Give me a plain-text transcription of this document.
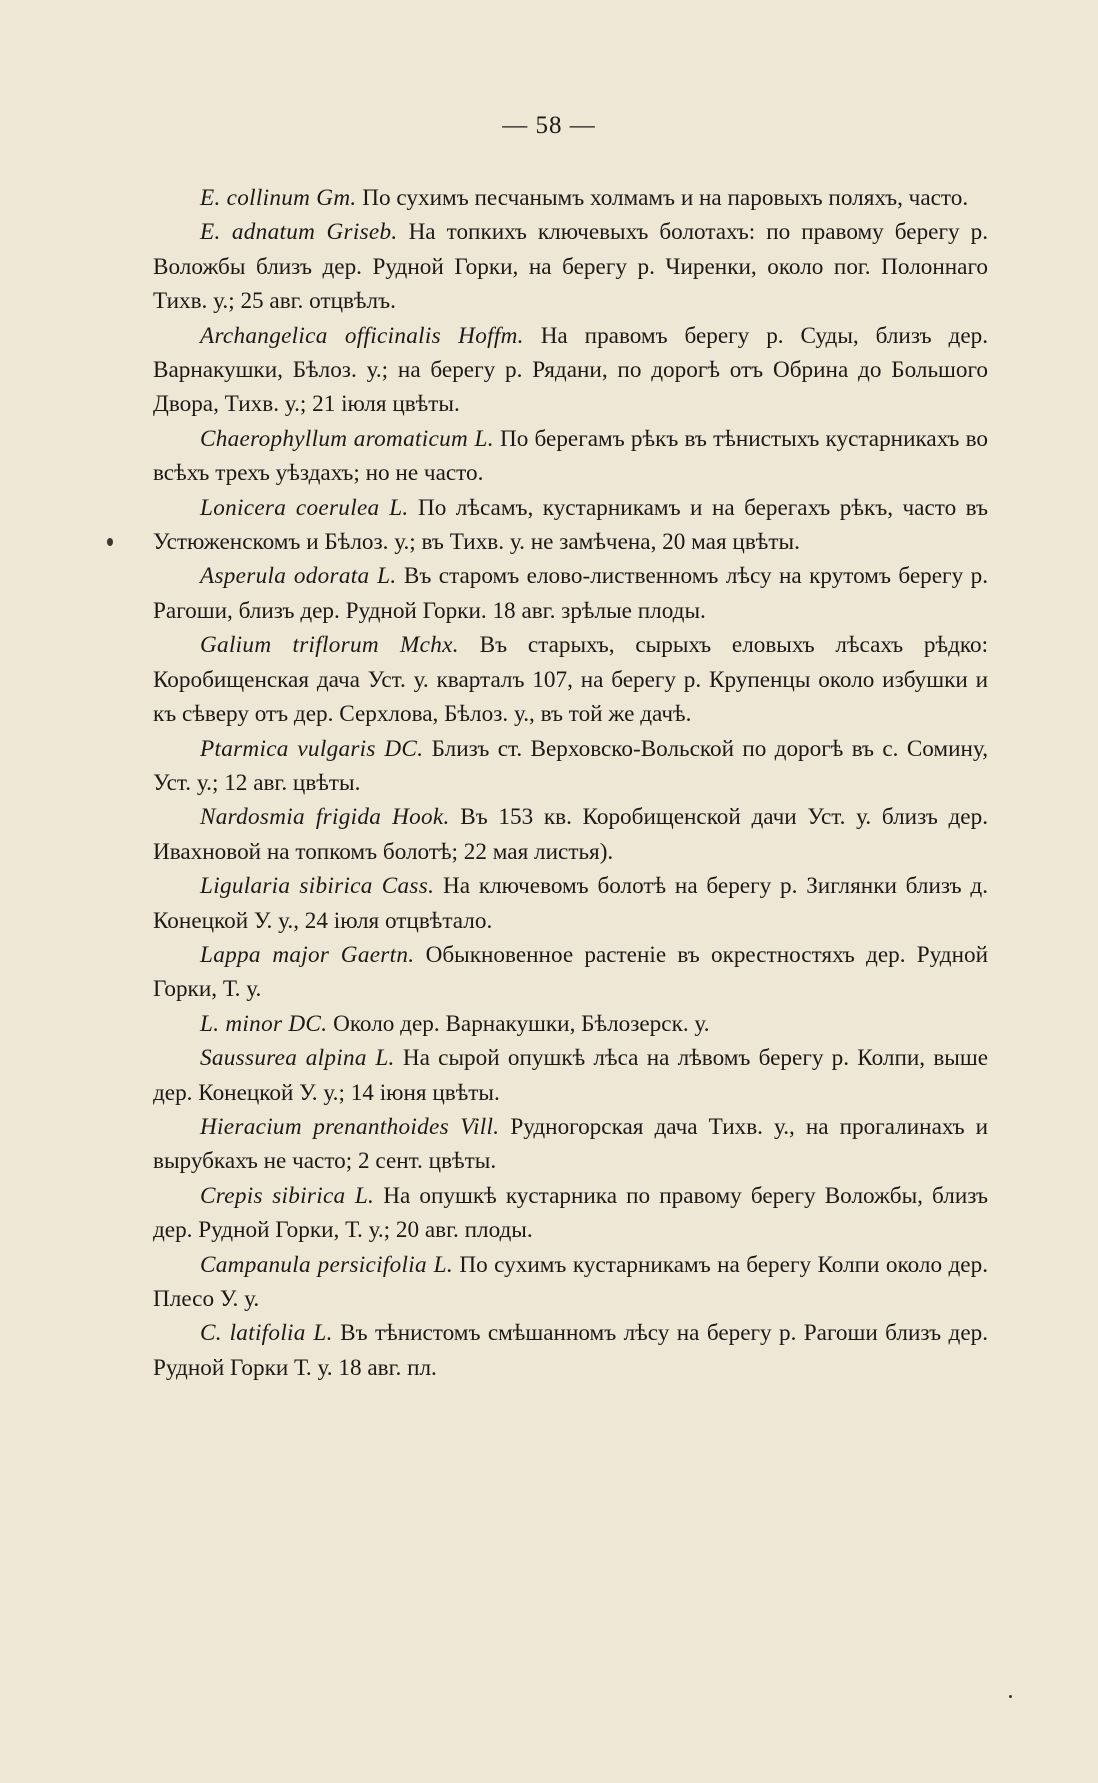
— 58 —

E. collinum Gm. По сухимъ песчанымъ холмамъ и на паровыхъ поляхъ, часто.

E. adnatum Griseb. На топкихъ ключевыхъ болотахъ: по правому берегу р. Воложбы близъ дер. Рудной Горки, на берегу р. Чиренки, около пог. Полоннаго Тихв. у.; 25 авг. отцвѣлъ.

Archangelica officinalis Hoffm. На правомъ берегу р. Суды, близъ дер. Варнакушки, Бѣлоз. у.; на берегу р. Рядани, по дорогѣ отъ Обрина до Большого Двора, Тихв. у.; 21 іюля цвѣты.

Chaerophyllum aromaticum L. По берегамъ рѣкъ въ тѣнистыхъ кустарникахъ во всѣхъ трехъ уѣздахъ; но не часто.

Lonicera coerulea L. По лѣсамъ, кустарникамъ и на берегахъ рѣкъ, часто въ Устюженскомъ и Бѣлоз. у.; въ Тихв. у. не замѣчена, 20 мая цвѣты.

Asperula odorata L. Въ старомъ елово-лиственномъ лѣсу на крутомъ берегу р. Рагоши, близъ дер. Рудной Горки. 18 авг. зрѣлые плоды.

Galium triflorum Mchx. Въ старыхъ, сырыхъ еловыхъ лѣсахъ рѣдко: Коробищенская дача Уст. у. кварталъ 107, на берегу р. Крупенцы около избушки и къ сѣверу отъ дер. Серхлова, Бѣлоз. у., въ той же дачѣ.

Ptarmica vulgaris DC. Близъ ст. Верховско-Вольской по дорогѣ въ с. Сомину, Уст. у.; 12 авг. цвѣты.

Nardosmia frigida Hook. Въ 153 кв. Коробищенской дачи Уст. у. близъ дер. Ивахновой на топкомъ болотѣ; 22 мая листья).

Ligularia sibirica Cass. На ключевомъ болотѣ на берегу р. Зиглянки близъ д. Конецкой У. у., 24 іюля отцвѣтало.

Lappa major Gaertn. Обыкновенное растеніе въ окрестностяхъ дер. Рудной Горки, Т. у.

L. minor DC. Около дер. Варнакушки, Бѣлозерск. у.

Saussurea alpina L. На сырой опушкѣ лѣса на лѣвомъ берегу р. Колпи, выше дер. Конецкой У. у.; 14 іюня цвѣты.

Hieracium prenanthoides Vill. Рудногорская дача Тихв. у., на прогалинахъ и вырубкахъ не часто; 2 сент. цвѣты.

Crepis sibirica L. На опушкѣ кустарника по правому берегу Воложбы, близъ дер. Рудной Горки, Т. у.; 20 авг. плоды.

Campanula persicifolia L. По сухимъ кустарникамъ на берегу Колпи около дер. Плесо У. у.

C. latifolia L. Въ тѣнистомъ смѣшанномъ лѣсу на берегу р. Рагоши близъ дер. Рудной Горки Т. у. 18 авг. пл.
